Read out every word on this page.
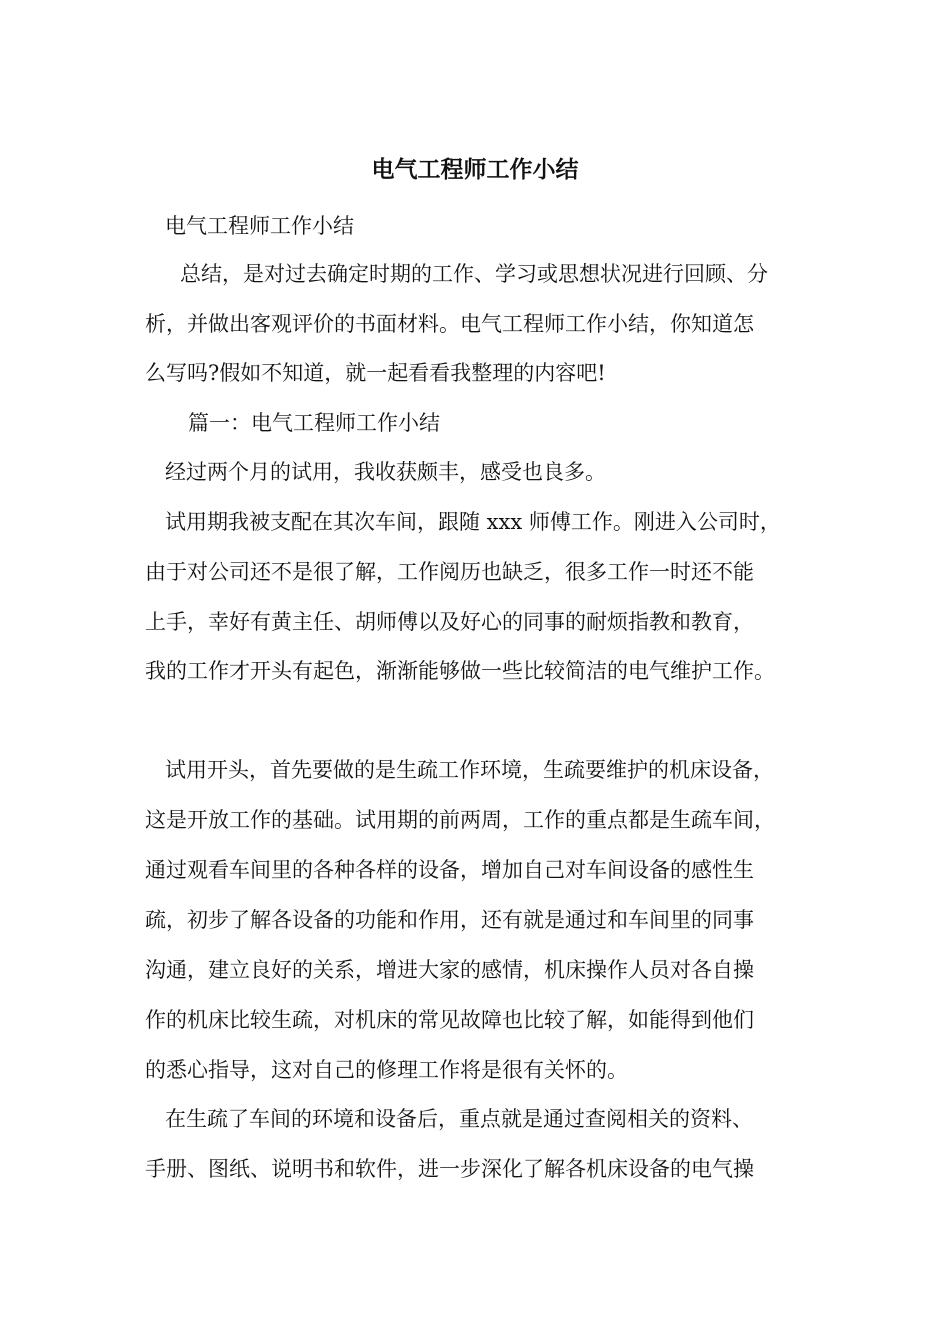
电气工程师工作小结

电气工程师工作小结

总结，是对过去确定时期的工作、学习或思想状况进行回顾、分

析，并做出客观评价的书面材料。电气工程师工作小结，你知道怎

么写吗?假如不知道，就一起看看我整理的内容吧!

篇一：电气工程师工作小结

经过两个月的试用，我收获颇丰，感受也良多。

试用期我被支配在其次车间，跟随 xxx 师傅工作。刚进入公司时，

由于对公司还不是很了解，工作阅历也缺乏，很多工作一时还不能

上手，幸好有黄主任、胡师傅以及好心的同事的耐烦指教和教育，

我的工作才开头有起色，渐渐能够做一些比较简洁的电气维护工作。

试用开头，首先要做的是生疏工作环境，生疏要维护的机床设备，

这是开放工作的基础。试用期的前两周，工作的重点都是生疏车间，

通过观看车间里的各种各样的设备，增加自己对车间设备的感性生

疏，初步了解各设备的功能和作用，还有就是通过和车间里的同事

沟通，建立良好的关系，增进大家的感情，机床操作人员对各自操

作的机床比较生疏，对机床的常见故障也比较了解，如能得到他们

的悉心指导，这对自己的修理工作将是很有关怀的。

在生疏了车间的环境和设备后，重点就是通过查阅相关的资料、

手册、图纸、说明书和软件，进一步深化了解各机床设备的电气操
